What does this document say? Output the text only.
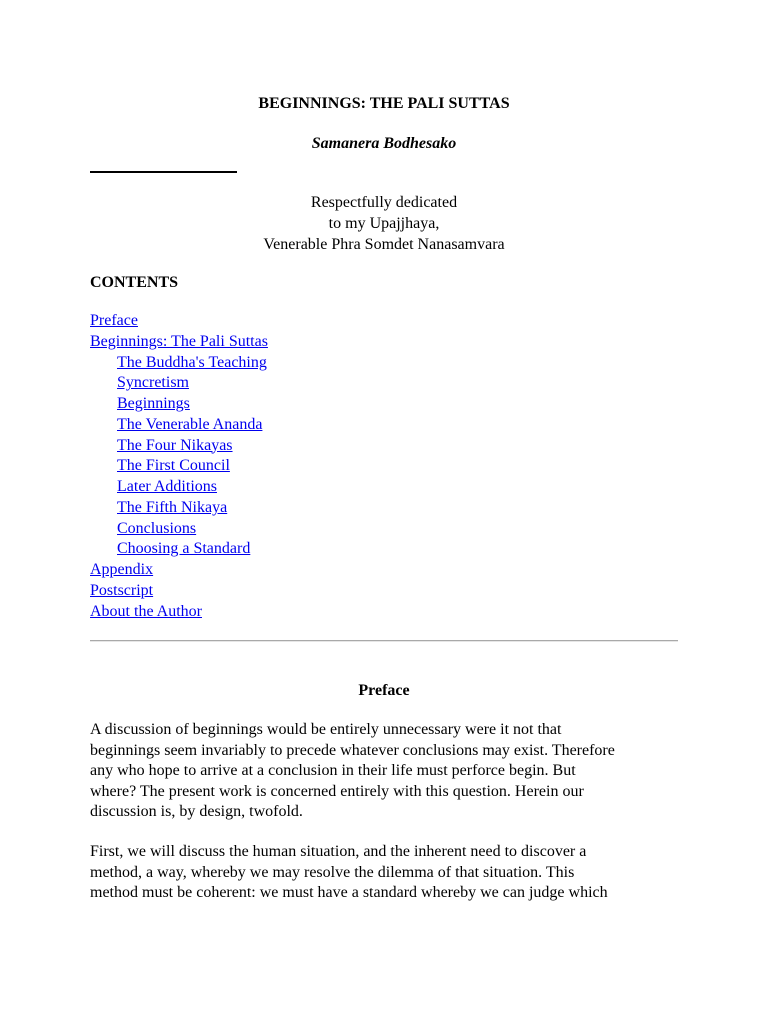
BEGINNINGS: THE PALI SUTTAS
Samanera Bodhesako
Respectfully dedicated
to my Upajjhaya,
Venerable Phra Somdet Nanasamvara
CONTENTS
Preface
Beginnings: The Pali Suttas
The Buddha's Teaching
Syncretism
Beginnings
The Venerable Ananda
The Four Nikayas
The First Council
Later Additions
The Fifth Nikaya
Conclusions
Choosing a Standard
Appendix
Postscript
About the Author
Preface
A discussion of beginnings would be entirely unnecessary were it not that
beginnings seem invariably to precede whatever conclusions may exist. Therefore
any who hope to arrive at a conclusion in their life must perforce begin. But
where? The present work is concerned entirely with this question. Herein our
discussion is, by design, twofold.
First, we will discuss the human situation, and the inherent need to discover a
method, a way, whereby we may resolve the dilemma of that situation. This
method must be coherent: we must have a standard whereby we can judge which
